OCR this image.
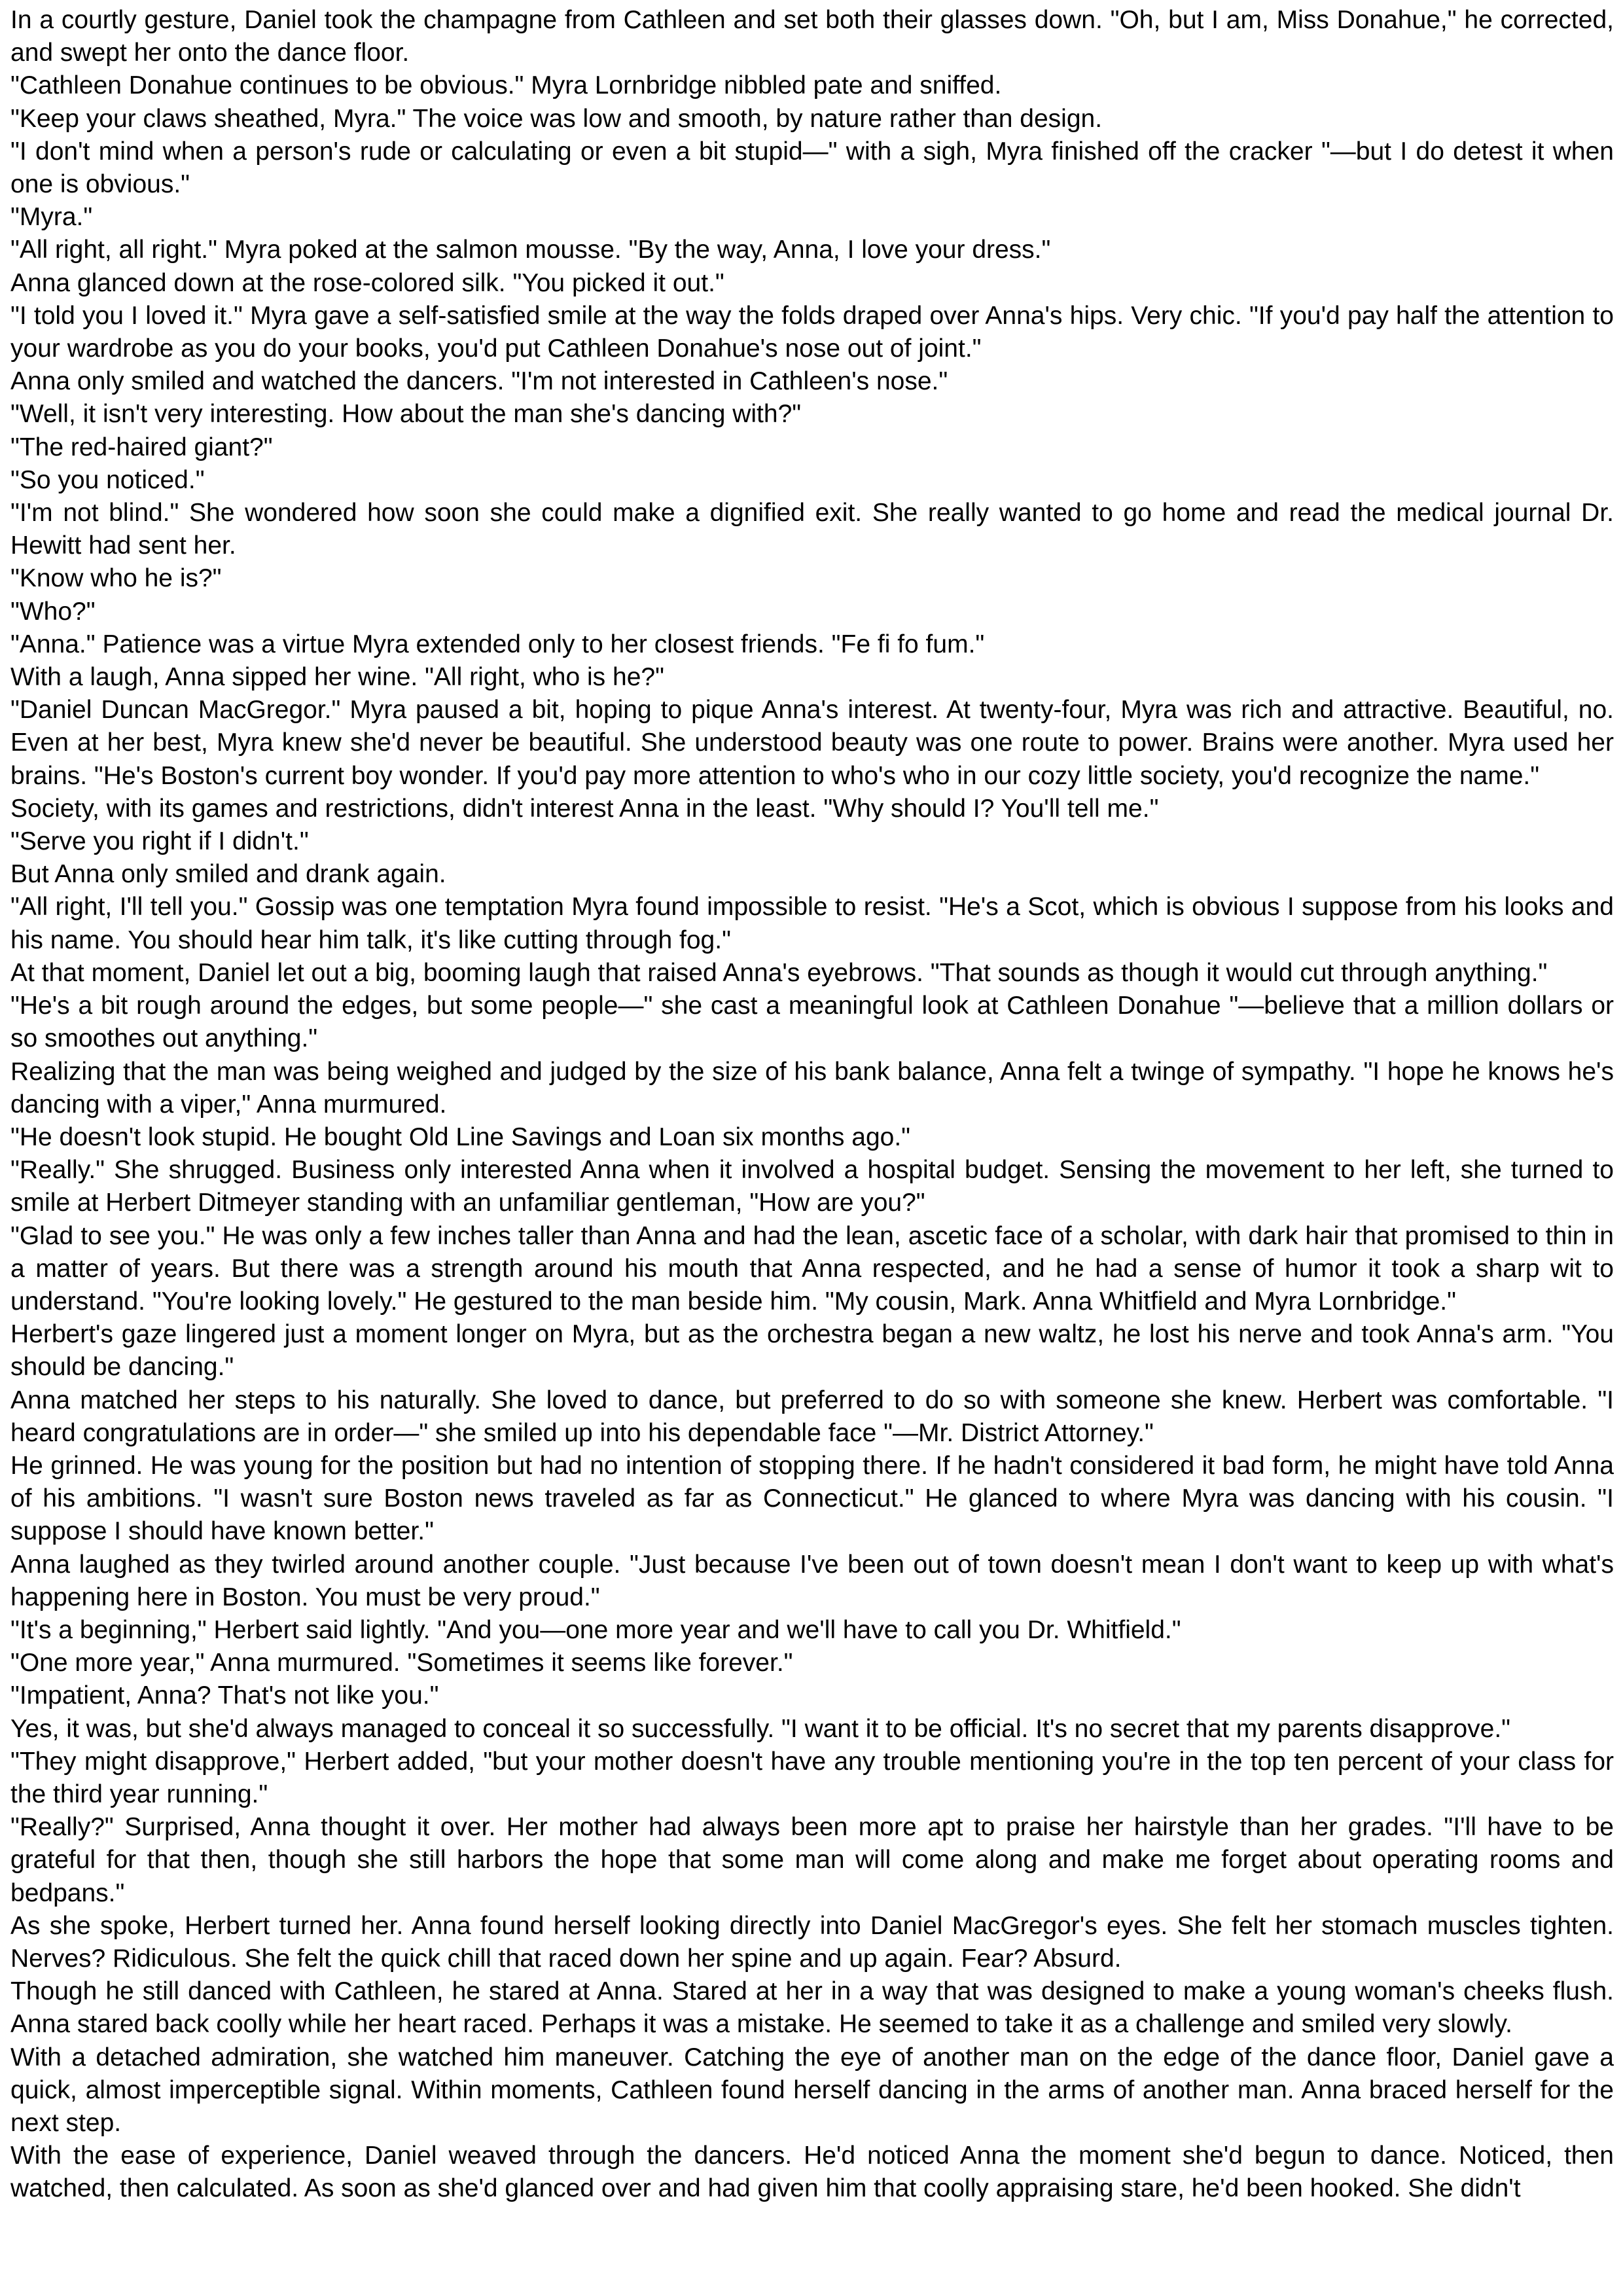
In a courtly gesture, Daniel took the champagne from Cathleen and set both their glasses down. "Oh, but I am, Miss Donahue," he corrected, and swept her onto the dance floor.

"Cathleen Donahue continues to be obvious." Myra Lornbridge nibbled pate and sniffed.

"Keep your claws sheathed, Myra." The voice was low and smooth, by nature rather than design.

"I don't mind when a person's rude or calculating or even a bit stupid—" with a sigh, Myra finished off the cracker "—but I do detest it when one is obvious."

"Myra."

"All right, all right." Myra poked at the salmon mousse. "By the way, Anna, I love your dress."

Anna glanced down at the rose-colored silk. "You picked it out."

"I told you I loved it." Myra gave a self-satisfied smile at the way the folds draped over Anna's hips. Very chic. "If you'd pay half the attention to your wardrobe as you do your books, you'd put Cathleen Donahue's nose out of joint."

Anna only smiled and watched the dancers. "I'm not interested in Cathleen's nose."

"Well, it isn't very interesting. How about the man she's dancing with?"

"The red-haired giant?"

"So you noticed."

"I'm not blind." She wondered how soon she could make a dignified exit. She really wanted to go home and read the medical journal Dr. Hewitt had sent her.

"Know who he is?"

"Who?"

"Anna." Patience was a virtue Myra extended only to her closest friends. "Fe fi fo fum."

With a laugh, Anna sipped her wine. "All right, who is he?"

"Daniel Duncan MacGregor." Myra paused a bit, hoping to pique Anna's interest. At twenty-four, Myra was rich and attractive. Beautiful, no. Even at her best, Myra knew she'd never be beautiful. She understood beauty was one route to power. Brains were another. Myra used her brains. "He's Boston's current boy wonder. If you'd pay more attention to who's who in our cozy little society, you'd recognize the name."

Society, with its games and restrictions, didn't interest Anna in the least. "Why should I? You'll tell me."

"Serve you right if I didn't."

But Anna only smiled and drank again.

"All right, I'll tell you." Gossip was one temptation Myra found impossible to resist. "He's a Scot, which is obvious I suppose from his looks and his name. You should hear him talk, it's like cutting through fog."

At that moment, Daniel let out a big, booming laugh that raised Anna's eyebrows. "That sounds as though it would cut through anything."

"He's a bit rough around the edges, but some people—" she cast a meaningful look at Cathleen Donahue "—believe that a million dollars or so smoothes out anything."

Realizing that the man was being weighed and judged by the size of his bank balance, Anna felt a twinge of sympathy. "I hope he knows he's dancing with a viper," Anna murmured.

"He doesn't look stupid. He bought Old Line Savings and Loan six months ago."

"Really." She shrugged. Business only interested Anna when it involved a hospital budget. Sensing the movement to her left, she turned to smile at Herbert Ditmeyer standing with an unfamiliar gentleman, "How are you?"

"Glad to see you." He was only a few inches taller than Anna and had the lean, ascetic face of a scholar, with dark hair that promised to thin in a matter of years. But there was a strength around his mouth that Anna respected, and he had a sense of humor it took a sharp wit to understand. "You're looking lovely." He gestured to the man beside him. "My cousin, Mark. Anna Whitfield and Myra Lornbridge."

Herbert's gaze lingered just a moment longer on Myra, but as the orchestra began a new waltz, he lost his nerve and took Anna's arm. "You should be dancing."

Anna matched her steps to his naturally. She loved to dance, but preferred to do so with someone she knew. Herbert was comfortable. "I heard congratulations are in order—" she smiled up into his dependable face "—Mr. District Attorney."

He grinned. He was young for the position but had no intention of stopping there. If he hadn't considered it bad form, he might have told Anna of his ambitions. "I wasn't sure Boston news traveled as far as Connecticut." He glanced to where Myra was dancing with his cousin. "I suppose I should have known better."

Anna laughed as they twirled around another couple. "Just because I've been out of town doesn't mean I don't want to keep up with what's happening here in Boston. You must be very proud."

"It's a beginning," Herbert said lightly. "And you—one more year and we'll have to call you Dr. Whitfield."

"One more year," Anna murmured. "Sometimes it seems like forever."

"Impatient, Anna? That's not like you."

Yes, it was, but she'd always managed to conceal it so successfully. "I want it to be official. It's no secret that my parents disapprove."

"They might disapprove," Herbert added, "but your mother doesn't have any trouble mentioning you're in the top ten percent of your class for the third year running."

"Really?" Surprised, Anna thought it over. Her mother had always been more apt to praise her hairstyle than her grades. "I'll have to be grateful for that then, though she still harbors the hope that some man will come along and make me forget about operating rooms and bedpans."

As she spoke, Herbert turned her. Anna found herself looking directly into Daniel MacGregor's eyes. She felt her stomach muscles tighten. Nerves? Ridiculous. She felt the quick chill that raced down her spine and up again. Fear? Absurd.

Though he still danced with Cathleen, he stared at Anna. Stared at her in a way that was designed to make a young woman's cheeks flush. Anna stared back coolly while her heart raced. Perhaps it was a mistake. He seemed to take it as a challenge and smiled very slowly.

With a detached admiration, she watched him maneuver. Catching the eye of another man on the edge of the dance floor, Daniel gave a quick, almost imperceptible signal. Within moments, Cathleen found herself dancing in the arms of another man. Anna braced herself for the next step.

With the ease of experience, Daniel weaved through the dancers. He'd noticed Anna the moment she'd begun to dance. Noticed, then watched, then calculated. As soon as she'd glanced over and had given him that coolly appraising stare, he'd been hooked. She didn't
